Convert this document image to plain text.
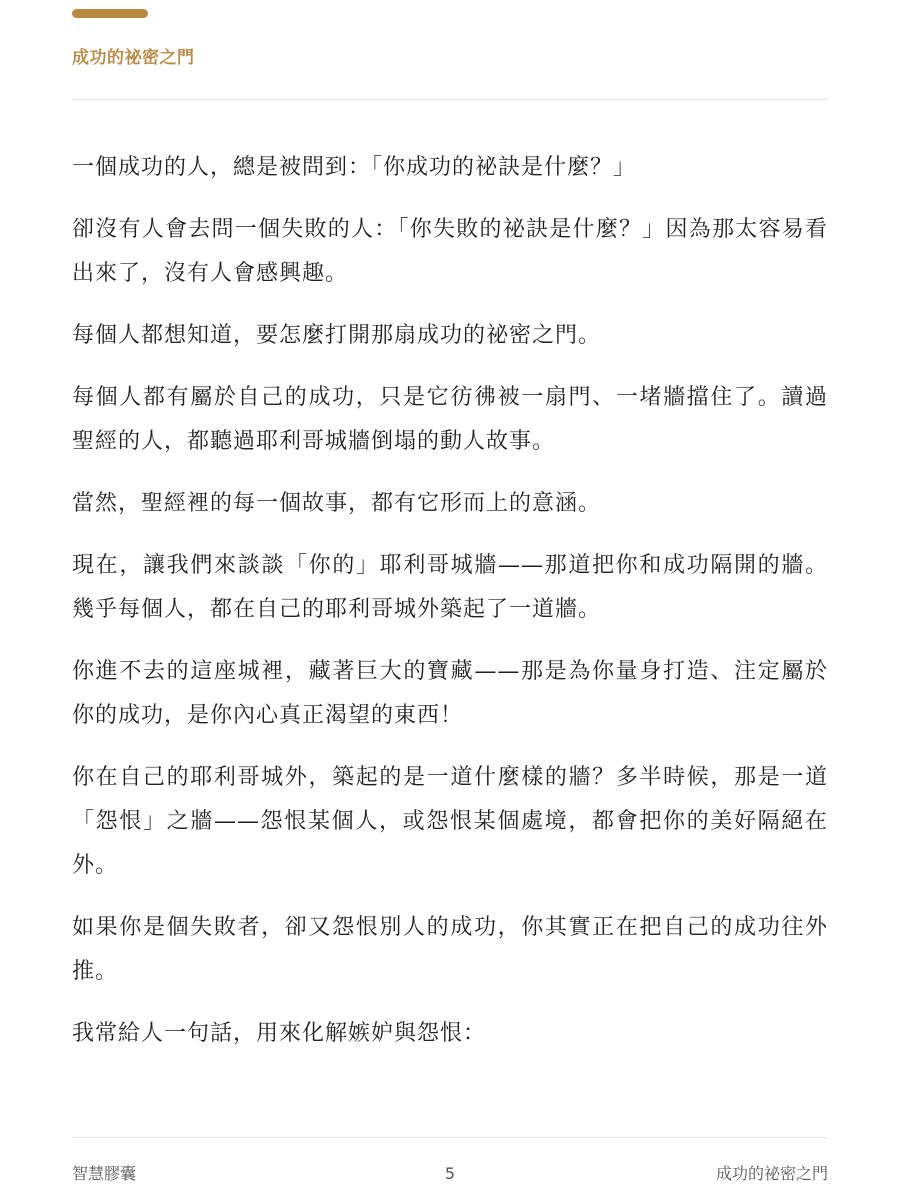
成功的祕密之門

一個成功的人，總是被問到：「你成功的祕訣是什麼？」

卻沒有人會去問一個失敗的人：「你失敗的祕訣是什麼？」因為那太容易看出來了，沒有人會感興趣。

每個人都想知道，要怎麼打開那扇成功的祕密之門。

每個人都有屬於自己的成功，只是它彷彿被一扇門、一堵牆擋住了。讀過聖經的人，都聽過耶利哥城牆倒塌的動人故事。

當然，聖經裡的每一個故事，都有它形而上的意涵。

現在，讓我們來談談「你的」耶利哥城牆——那道把你和成功隔開的牆。幾乎每個人，都在自己的耶利哥城外築起了一道牆。

你進不去的這座城裡，藏著巨大的寶藏——那是為你量身打造、注定屬於你的成功，是你內心真正渴望的東西！

你在自己的耶利哥城外，築起的是一道什麼樣的牆？多半時候，那是一道「怨恨」之牆——怨恨某個人，或怨恨某個處境，都會把你的美好隔絕在外。

如果你是個失敗者，卻又怨恨別人的成功，你其實正在把自己的成功往外推。

我常給人一句話，用來化解嫉妒與怨恨：

智慧膠囊	5	成功的祕密之門
